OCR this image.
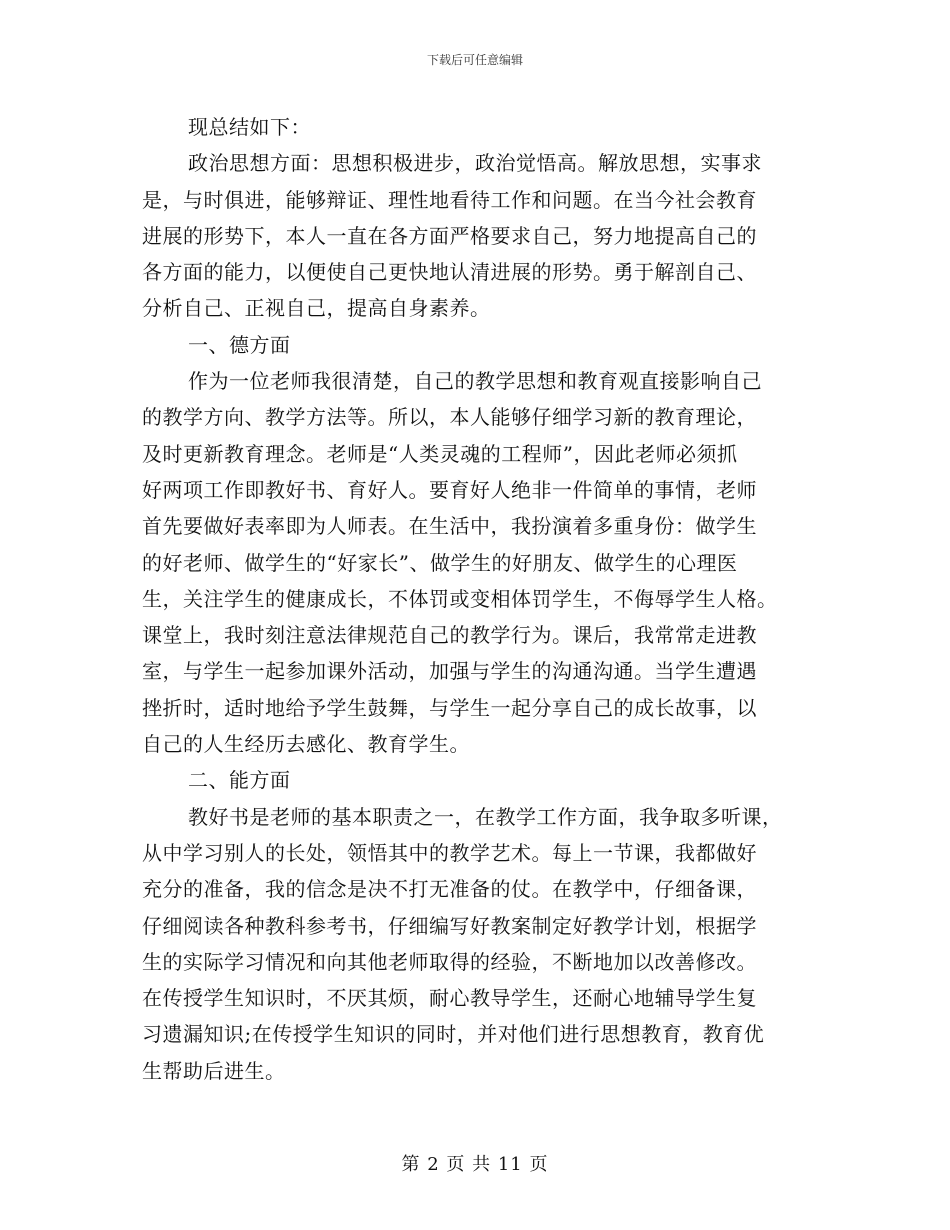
下载后可任意编辑
现总结如下：
政治思想方面：思想积极进步，政治觉悟高。解放思想，实事求
是，与时俱进，能够辩证、理性地看待工作和问题。在当今社会教育
进展的形势下，本人一直在各方面严格要求自己，努力地提高自己的
各方面的能力，以便使自己更快地认清进展的形势。勇于解剖自己、
分析自己、正视自己，提高自身素养。
一、德方面
作为一位老师我很清楚，自己的教学思想和教育观直接影响自己
的教学方向、教学方法等。所以，本人能够仔细学习新的教育理论，
及时更新教育理念。老师是“人类灵魂的工程师”，因此老师必须抓
好两项工作即教好书、育好人。要育好人绝非一件简单的事情，老师
首先要做好表率即为人师表。在生活中，我扮演着多重身份：做学生
的好老师、做学生的“好家长”、做学生的好朋友、做学生的心理医
生，关注学生的健康成长，不体罚或变相体罚学生，不侮辱学生人格。
课堂上，我时刻注意法律规范自己的教学行为。课后，我常常走进教
室，与学生一起参加课外活动，加强与学生的沟通沟通。当学生遭遇
挫折时，适时地给予学生鼓舞，与学生一起分享自己的成长故事，以
自己的人生经历去感化、教育学生。
二、能方面
教好书是老师的基本职责之一，在教学工作方面，我争取多听课，
从中学习别人的长处，领悟其中的教学艺术。每上一节课，我都做好
充分的准备，我的信念是决不打无准备的仗。在教学中，仔细备课，
仔细阅读各种教科参考书，仔细编写好教案制定好教学计划，根据学
生的实际学习情况和向其他老师取得的经验，不断地加以改善修改。
在传授学生知识时，不厌其烦，耐心教导学生，还耐心地辅导学生复
习遗漏知识;在传授学生知识的同时，并对他们进行思想教育，教育优
生帮助后进生。
第 2 页 共 11 页
